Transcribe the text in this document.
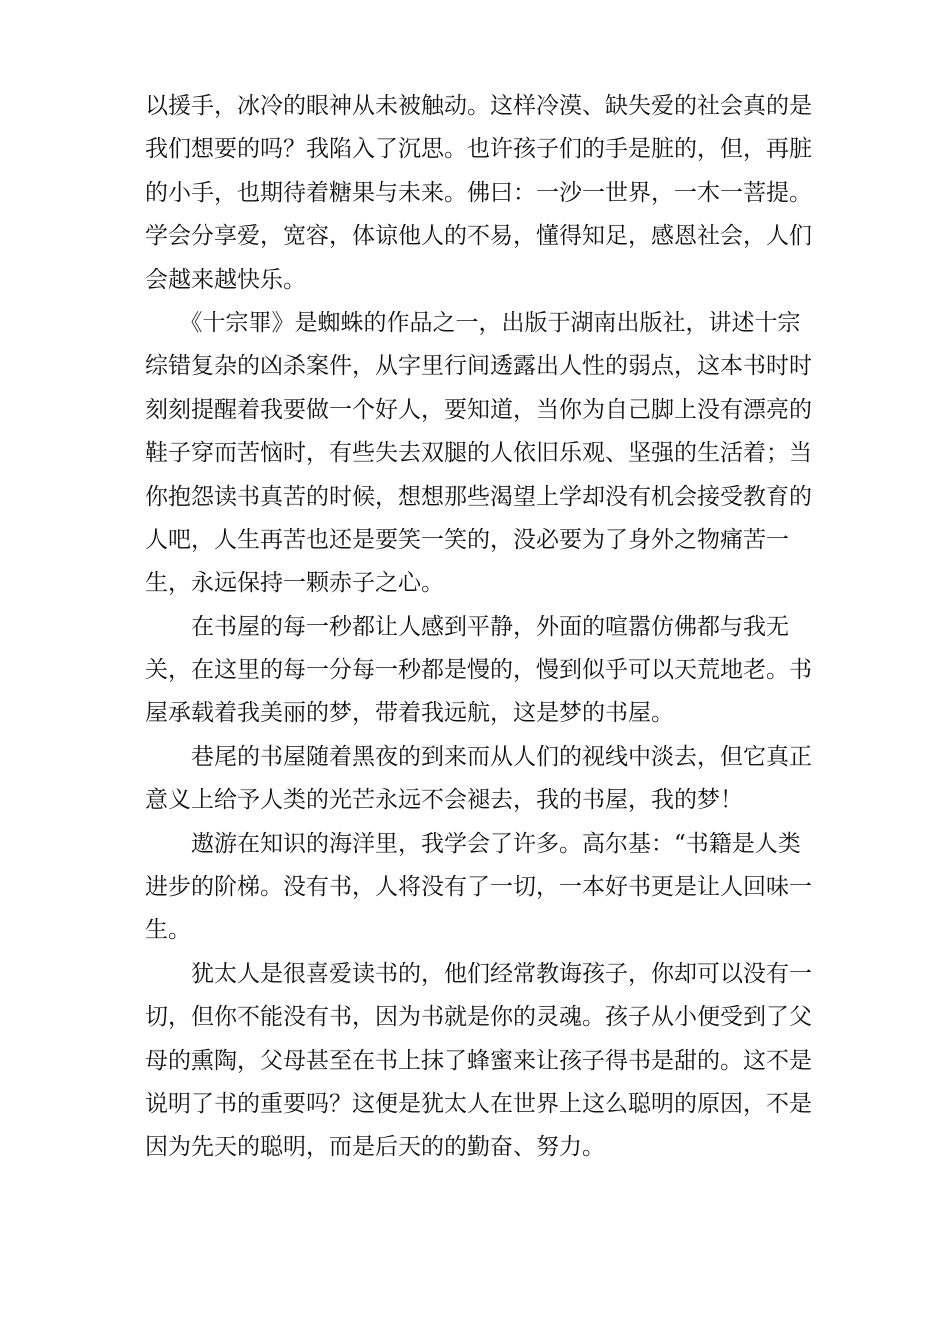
以援手，冰冷的眼神从未被触动。这样冷漠、缺失爱的社会真的是
我们想要的吗？我陷入了沉思。也许孩子们的手是脏的，但，再脏
的小手，也期待着糖果与未来。佛曰：一沙一世界，一木一菩提。
学会分享爱，宽容，体谅他人的不易，懂得知足，感恩社会，人们
会越来越快乐。
　　《十宗罪》是蜘蛛的作品之一，出版于湖南出版社，讲述十宗
综错复杂的凶杀案件，从字里行间透露出人性的弱点，这本书时时
刻刻提醒着我要做一个好人，要知道，当你为自己脚上没有漂亮的
鞋子穿而苦恼时，有些失去双腿的人依旧乐观、坚强的生活着；当
你抱怨读书真苦的时候，想想那些渴望上学却没有机会接受教育的
人吧，人生再苦也还是要笑一笑的，没必要为了身外之物痛苦一
生，永远保持一颗赤子之心。
　　在书屋的每一秒都让人感到平静，外面的喧嚣仿佛都与我无
关，在这里的每一分每一秒都是慢的，慢到似乎可以天荒地老。书
屋承载着我美丽的梦，带着我远航，这是梦的书屋。
　　巷尾的书屋随着黑夜的到来而从人们的视线中淡去，但它真正
意义上给予人类的光芒永远不会褪去，我的书屋，我的梦！
　　遨游在知识的海洋里，我学会了许多。高尔基：“书籍是人类
进步的阶梯。没有书，人将没有了一切，一本好书更是让人回味一
生。
　　犹太人是很喜爱读书的，他们经常教诲孩子，你却可以没有一
切，但你不能没有书，因为书就是你的灵魂。孩子从小便受到了父
母的熏陶，父母甚至在书上抹了蜂蜜来让孩子得书是甜的。这不是
说明了书的重要吗？这便是犹太人在世界上这么聪明的原因，不是
因为先天的聪明，而是后天的的勤奋、努力。
